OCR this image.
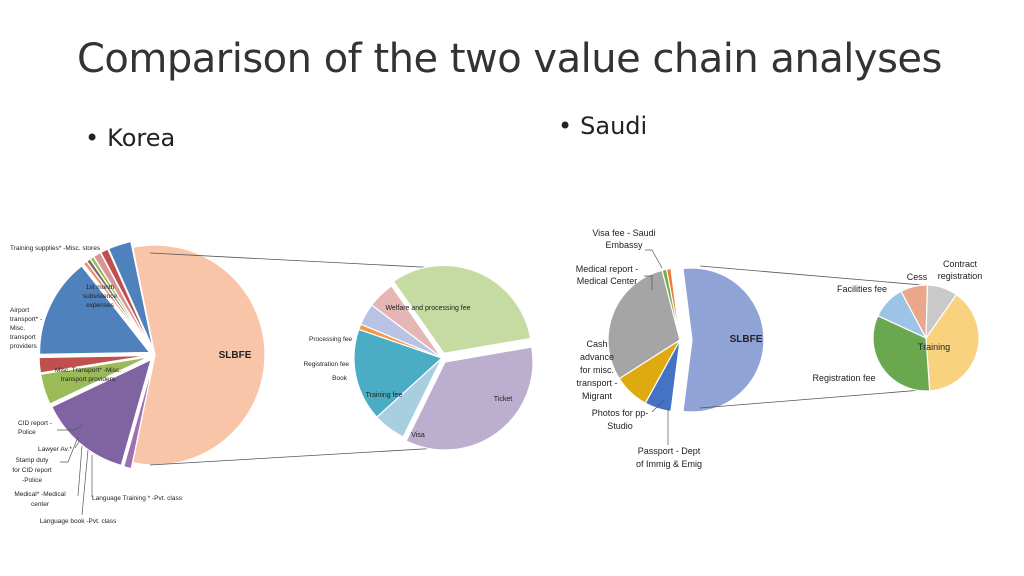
Comparison of the two value chain analyses
• Korea	• Saudi
SLBFE
Welfare and processing fee
Ticket
Visa
Training fee
Book
Registration fee
Processing fee
Training supplies* -Misc. stores
1st month
subsistence
expenses
Airport
transport* -
Misc.
transport
providers
Misc. Transport* -Misc.
transport providers
CID report -
Police
Lawyer Av.*
Stamp duty
for CID report
-Police
Medical* -Medical
center
Language book -Pvt. class
Language Training * -Pvt. class
SLBFE
Training
Registration fee
Facilities fee
Cess
Contract
registration
Visa fee - Saudi
Embassy
Medical report -
Medical Center
Cash
advance
for misc.
transport -
Migrant
Photos for pp-
Studio
Passport - Dept
of Immig & Emig
